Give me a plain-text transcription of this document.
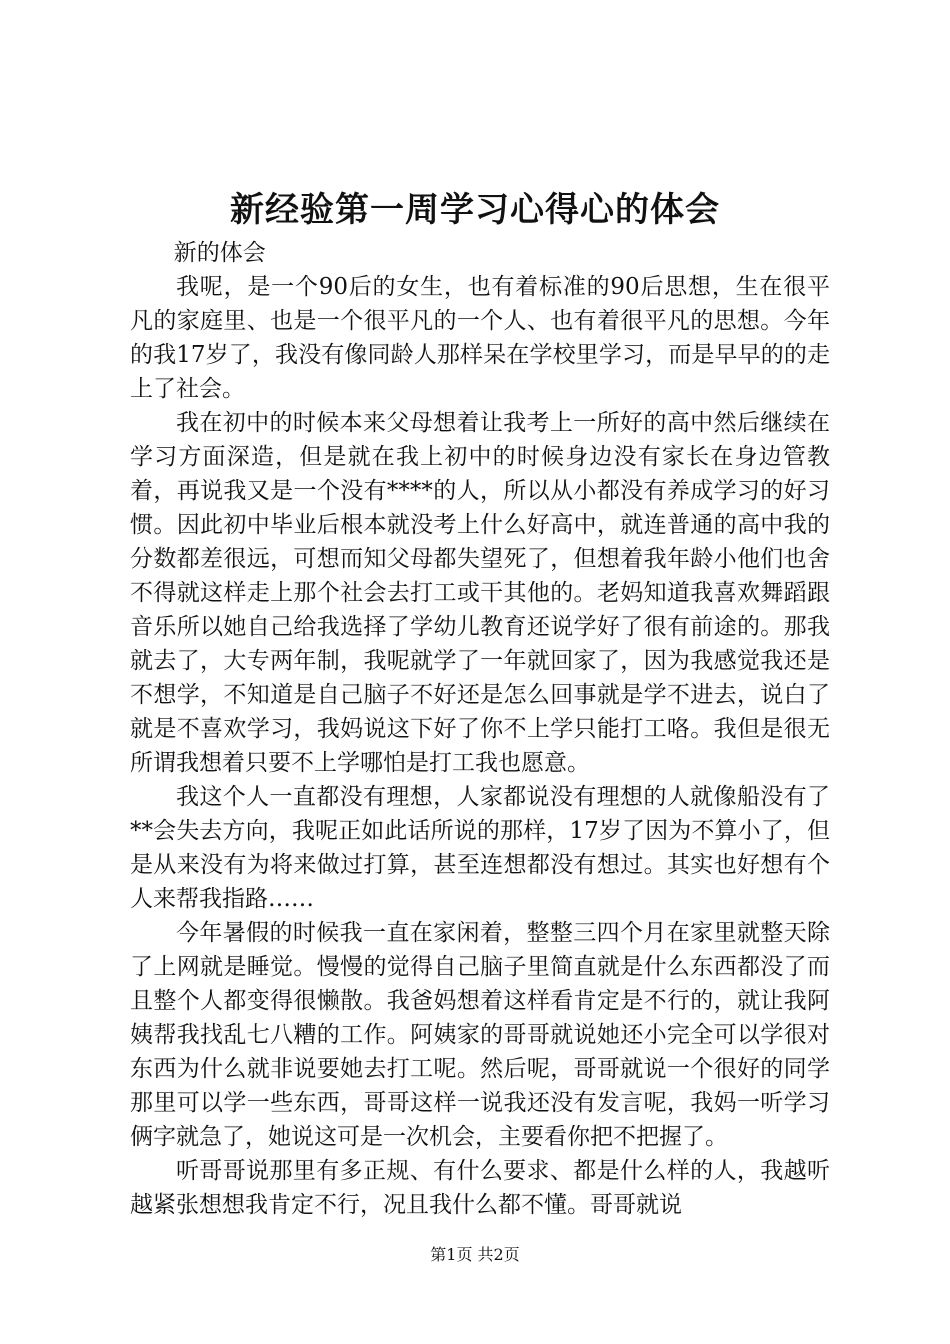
新经验第一周学习心得心的体会

新的体会

我呢，是一个90后的女生，也有着标准的90后思想，生在很平凡的家庭里、也是一个很平凡的一个人、也有着很平凡的思想。今年的我17岁了，我没有像同龄人那样呆在学校里学习，而是早早的的走上了社会。

我在初中的时候本来父母想着让我考上一所好的高中然后继续在学习方面深造，但是就在我上初中的时候身边没有家长在身边管教着，再说我又是一个没有****的人，所以从小都没有养成学习的好习惯。因此初中毕业后根本就没考上什么好高中，就连普通的高中我的分数都差很远，可想而知父母都失望死了，但想着我年龄小他们也舍不得就这样走上那个社会去打工或干其他的。老妈知道我喜欢舞蹈跟音乐所以她自己给我选择了学幼儿教育还说学好了很有前途的。那我就去了，大专两年制，我呢就学了一年就回家了，因为我感觉我还是不想学，不知道是自己脑子不好还是怎么回事就是学不进去，说白了就是不喜欢学习，我妈说这下好了你不上学只能打工咯。我但是很无所谓我想着只要不上学哪怕是打工我也愿意。

我这个人一直都没有理想，人家都说没有理想的人就像船没有了**会失去方向，我呢正如此话所说的那样，17岁了因为不算小了，但是从来没有为将来做过打算，甚至连想都没有想过。其实也好想有个人来帮我指路……

今年暑假的时候我一直在家闲着，整整三四个月在家里就整天除了上网就是睡觉。慢慢的觉得自己脑子里简直就是什么东西都没了而且整个人都变得很懒散。我爸妈想着这样看肯定是不行的，就让我阿姨帮我找乱七八糟的工作。阿姨家的哥哥就说她还小完全可以学很对东西为什么就非说要她去打工呢。然后呢，哥哥就说一个很好的同学那里可以学一些东西，哥哥这样一说我还没有发言呢，我妈一听学习俩字就急了，她说这可是一次机会，主要看你把不把握了。

听哥哥说那里有多正规、有什么要求、都是什么样的人，我越听越紧张想想我肯定不行，况且我什么都不懂。哥哥就说

第1页 共2页
